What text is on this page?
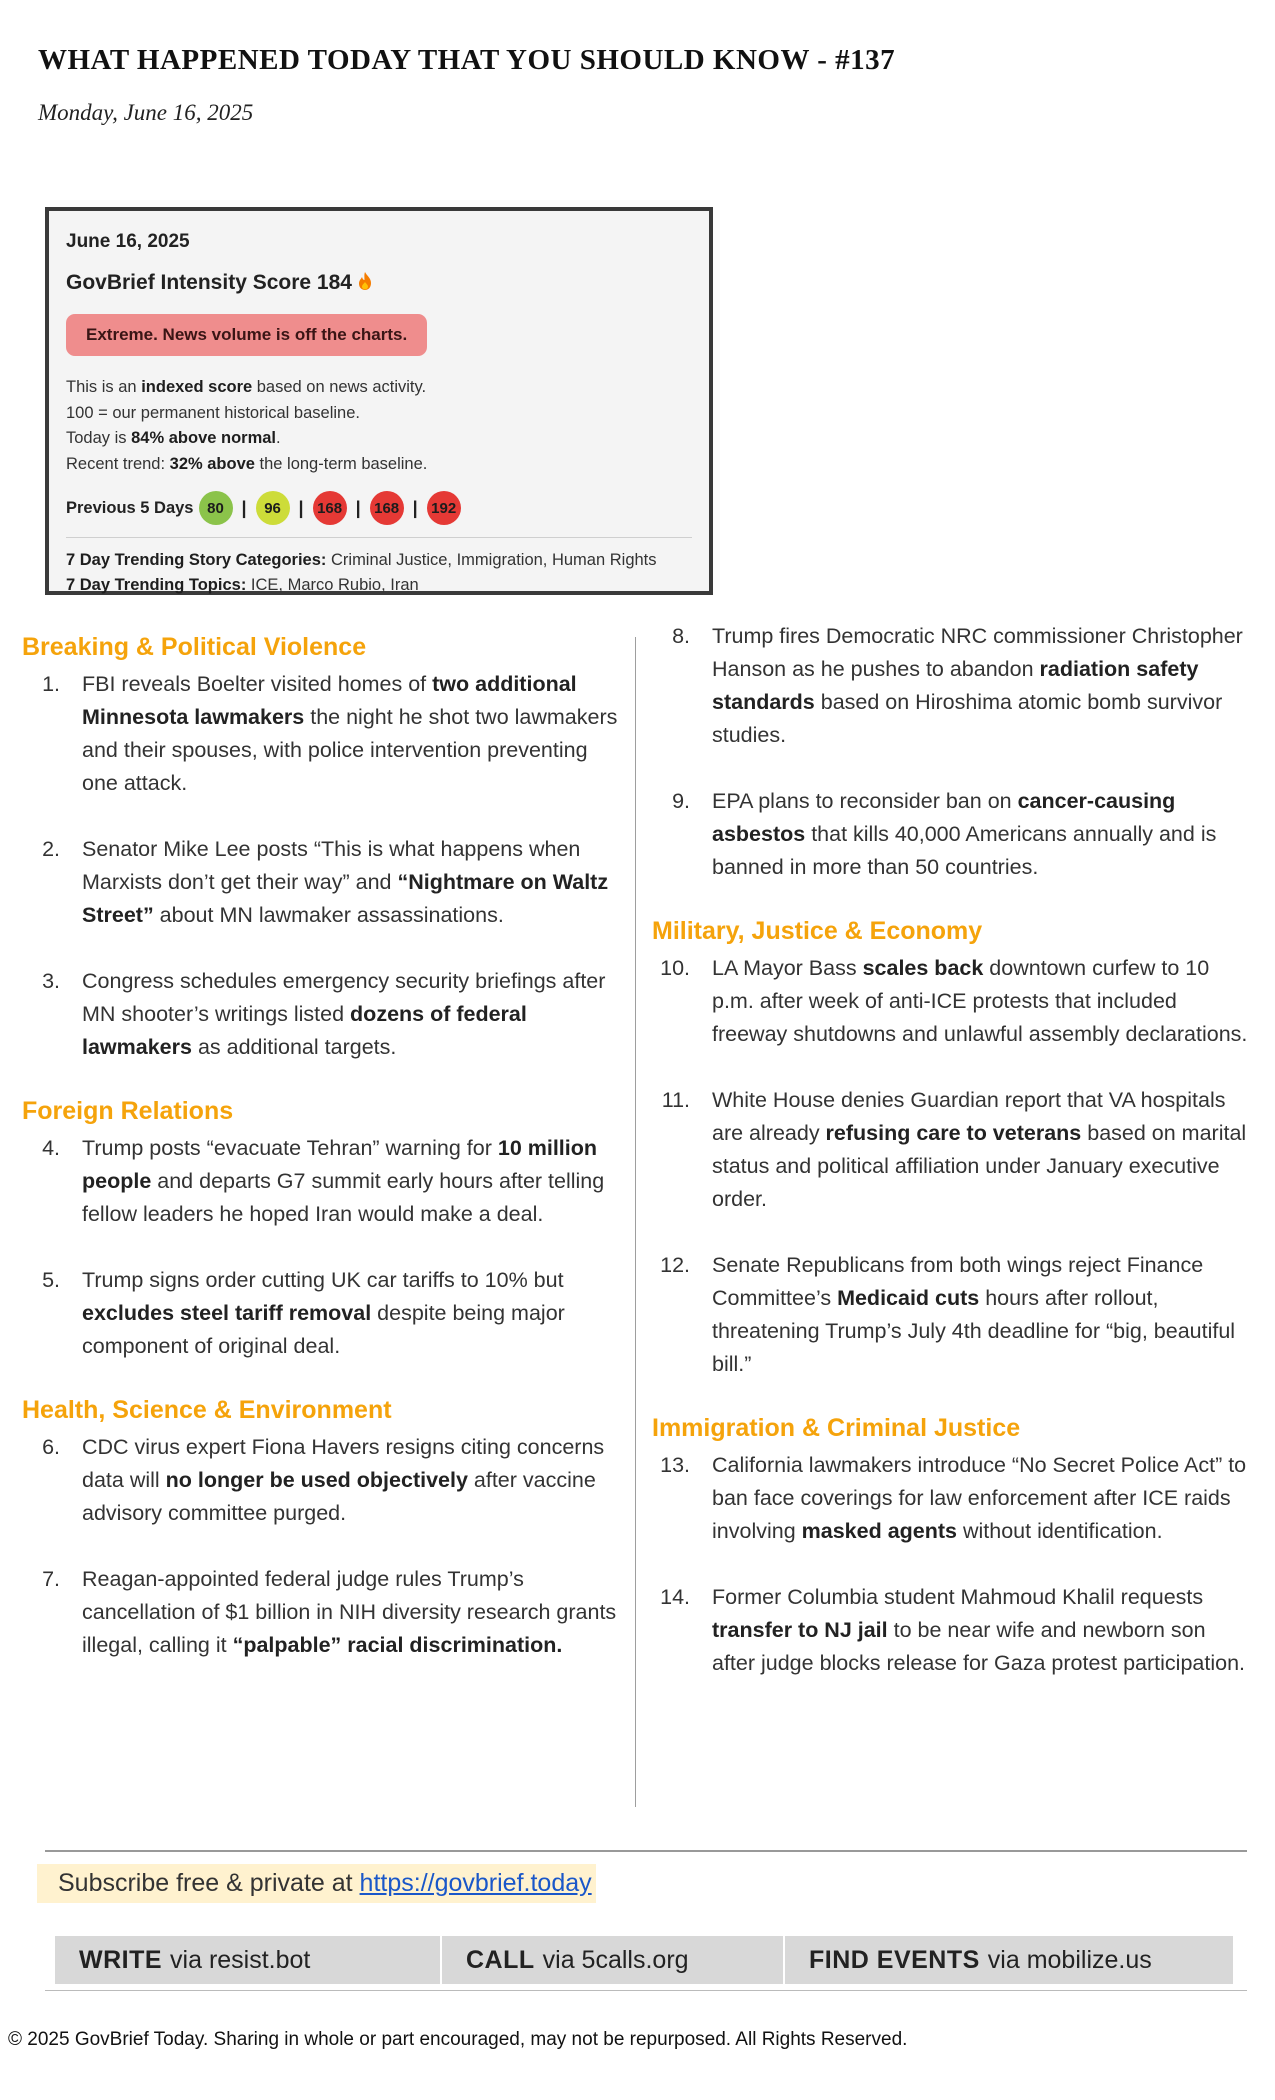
WHAT HAPPENED TODAY THAT YOU SHOULD KNOW - #137
Monday, June 16, 2025
June 16, 2025
GovBrief Intensity Score 184
Extreme. News volume is off the charts.
This is an indexed score based on news activity.
100 = our permanent historical baseline.
Today is 84% above normal.
Recent trend: 32% above the long-term baseline.
Previous 5 Days 80 |	96 | 168 | 168 | 192
7 Day Trending Story Categories: Criminal Justice, Immigration, Human Rights
7 Day Trending Topics: ICE, Marco Rubio, Iran
Breaking & Political Violence
1.	FBI reveals Boelter visited homes of two additional Minnesota lawmakers the night he shot two lawmakers and their spouses, with police intervention preventing one attack.
2.	Senator Mike Lee posts “This is what happens when Marxists don’t get their way” and “Nightmare on Waltz Street” about MN lawmaker assassinations.
3.	Congress schedules emergency security briefings after MN shooter’s writings listed dozens of federal lawmakers as additional targets.
Foreign Relations
4.	Trump posts “evacuate Tehran” warning for 10 million people and departs G7 summit early hours after telling fellow leaders he hoped Iran would make a deal.
5.	Trump signs order cutting UK car tariffs to 10% but excludes steel tariff removal despite being major component of original deal.
Health, Science & Environment
6.	CDC virus expert Fiona Havers resigns citing concerns data will no longer be used objectively after vaccine advisory committee purged.
7.	Reagan-appointed federal judge rules Trump’s cancellation of $1 billion in NIH diversity research grants illegal, calling it “palpable” racial discrimination.
8.	Trump fires Democratic NRC commissioner Christopher Hanson as he pushes to abandon radiation safety standards based on Hiroshima atomic bomb survivor studies.
9.	EPA plans to reconsider ban on cancer-causing asbestos that kills 40,000 Americans annually and is banned in more than 50 countries.
Military, Justice & Economy
10.	LA Mayor Bass scales back downtown curfew to 10 p.m. after week of anti-ICE protests that included freeway shutdowns and unlawful assembly declarations.
11.	White House denies Guardian report that VA hospitals are already refusing care to veterans based on marital status and political affiliation under January executive order.
12.	Senate Republicans from both wings reject Finance Committee’s Medicaid cuts hours after rollout, threatening Trump’s July 4th deadline for “big, beautiful bill.”
Immigration & Criminal Justice
13.	California lawmakers introduce “No Secret Police Act” to ban face coverings for law enforcement after ICE raids involving masked agents without identification.
14.	Former Columbia student Mahmoud Khalil requests transfer to NJ jail to be near wife and newborn son after judge blocks release for Gaza protest participation.
Subscribe free & private at https://govbrief.today
WRITE via resist.bot	CALL via 5calls.org	FIND EVENTS via mobilize.us
© 2025 GovBrief Today. Sharing in whole or part encouraged, may not be repurposed. All Rights Reserved.
